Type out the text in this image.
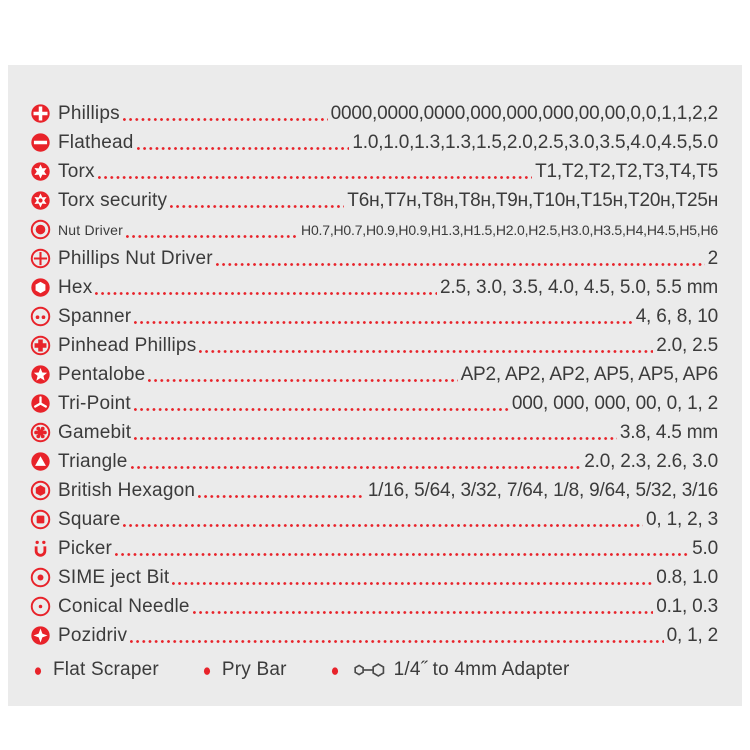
Phillips	0000,0000,0000,000,000,000,00,00,0,0,1,1,2,2
Flathead	1.0,1.0,1.3,1.3,1.5,2.0,2.5,3.0,3.5,4.0,4.5,5.0
Torx	T1,T2,T2,T2,T3,T4,T5
Torx security	T6ʜ,T7ʜ,T8ʜ,T8ʜ,T9ʜ,T10ʜ,T15ʜ,T20ʜ,T25ʜ
Nut Driver	H0.7,H0.7,H0.9,H0.9,H1.3,H1.5,H2.0,H2.5,H3.0,H3.5,H4,H4.5,H5,H6
Phillips Nut Driver	2
Hex	2.5, 3.0, 3.5, 4.0, 4.5, 5.0, 5.5 mm
Spanner	4, 6, 8, 10
Pinhead Phillips	2.0, 2.5
Pentalobe	AP2, AP2, AP2, AP5, AP5, AP6
Tri-Point	000, 000, 000, 00, 0, 1, 2
Gamebit	3.8, 4.5 mm
Triangle	2.0, 2.3, 2.6, 3.0
British Hexagon	1/16, 5/64, 3/32, 7/64, 1/8, 9/64, 5/32, 3/16
Square	0, 1, 2, 3
Picker	5.0
SIME ject Bit	0.8, 1.0
Conical Needle	0.1, 0.3
Pozidriv	0, 1, 2
Flat Scraper	Pry Bar	1/4˝ to 4mm Adapter
